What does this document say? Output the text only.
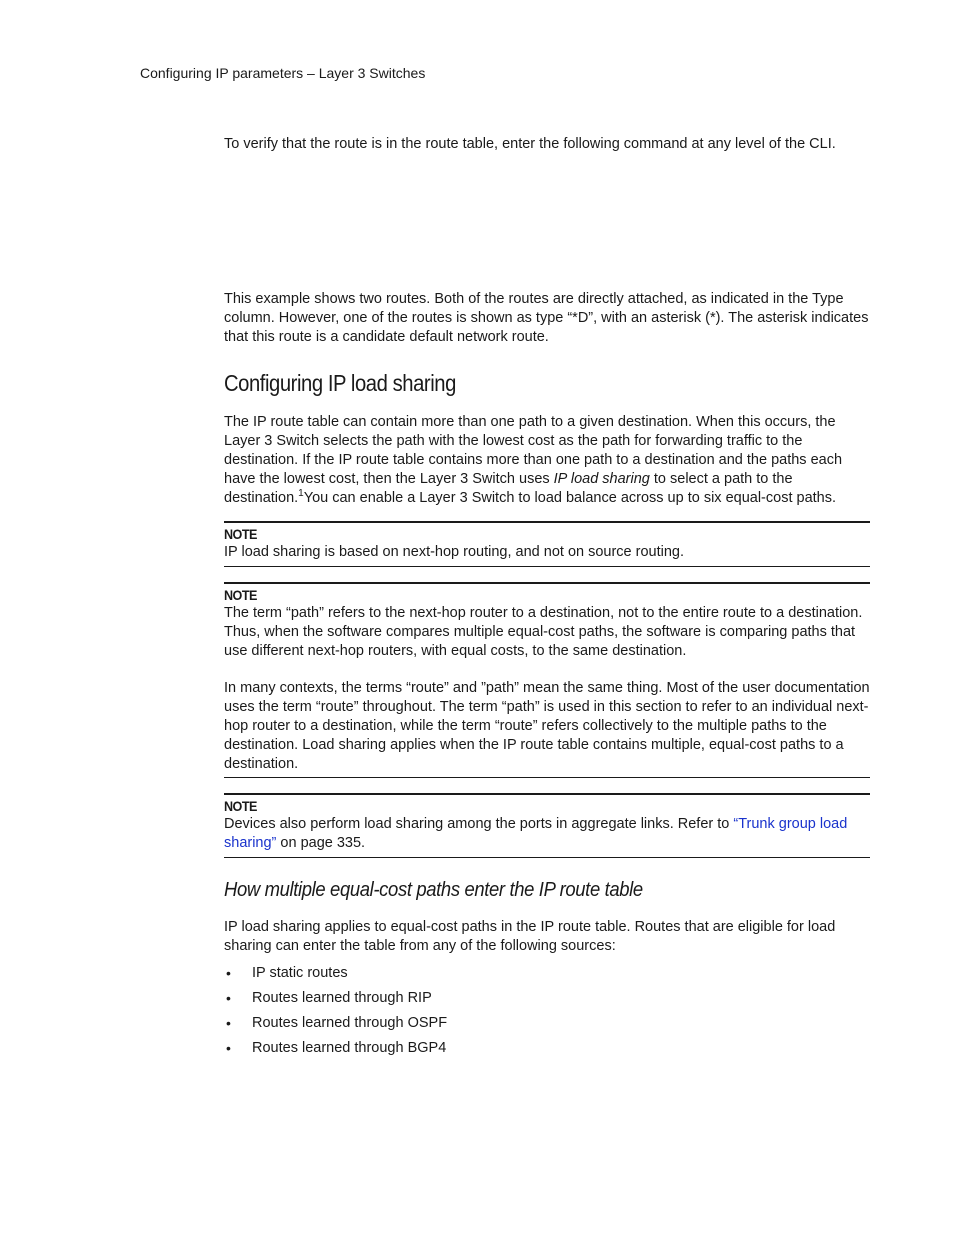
Configuring IP parameters – Layer 3 Switches

To verify that the route is in the route table, enter the following command at any level of the CLI.

This example shows two routes. Both of the routes are directly attached, as indicated in the Type column. However, one of the routes is shown as type “*D”, with an asterisk (*). The asterisk indicates that this route is a candidate default network route.

Configuring IP load sharing

The IP route table can contain more than one path to a given destination. When this occurs, the Layer 3 Switch selects the path with the lowest cost as the path for forwarding traffic to the destination. If the IP route table contains more than one path to a destination and the paths each have the lowest cost, then the Layer 3 Switch uses IP load sharing to select a path to the destination.$^1$You can enable a Layer 3 Switch to load balance across up to six equal-cost paths.

NOTE
IP load sharing is based on next-hop routing, and not on source routing.
NOTE
The term “path” refers to the next-hop router to a destination, not to the entire route to a destination. Thus, when the software compares multiple equal-cost paths, the software is comparing paths that use different next-hop routers, with equal costs, to the same destination.
In many contexts, the terms “route” and ”path” mean the same thing. Most of the user documentation uses the term “route” throughout. The term “path” is used in this section to refer to an individual next-hop router to a destination, while the term “route” refers collectively to the multiple paths to the destination. Load sharing applies when the IP route table contains multiple, equal-cost paths to a destination.
NOTE
Devices also perform load sharing among the ports in aggregate links. Refer to “Trunk group load sharing” on page 335.
How multiple equal-cost paths enter the IP route table

IP load sharing applies to equal-cost paths in the IP route table. Routes that are eligible for load sharing can enter the table from any of the following sources:

• IP static routes
• Routes learned through RIP
• Routes learned through OSPF
• Routes learned through BGP4
